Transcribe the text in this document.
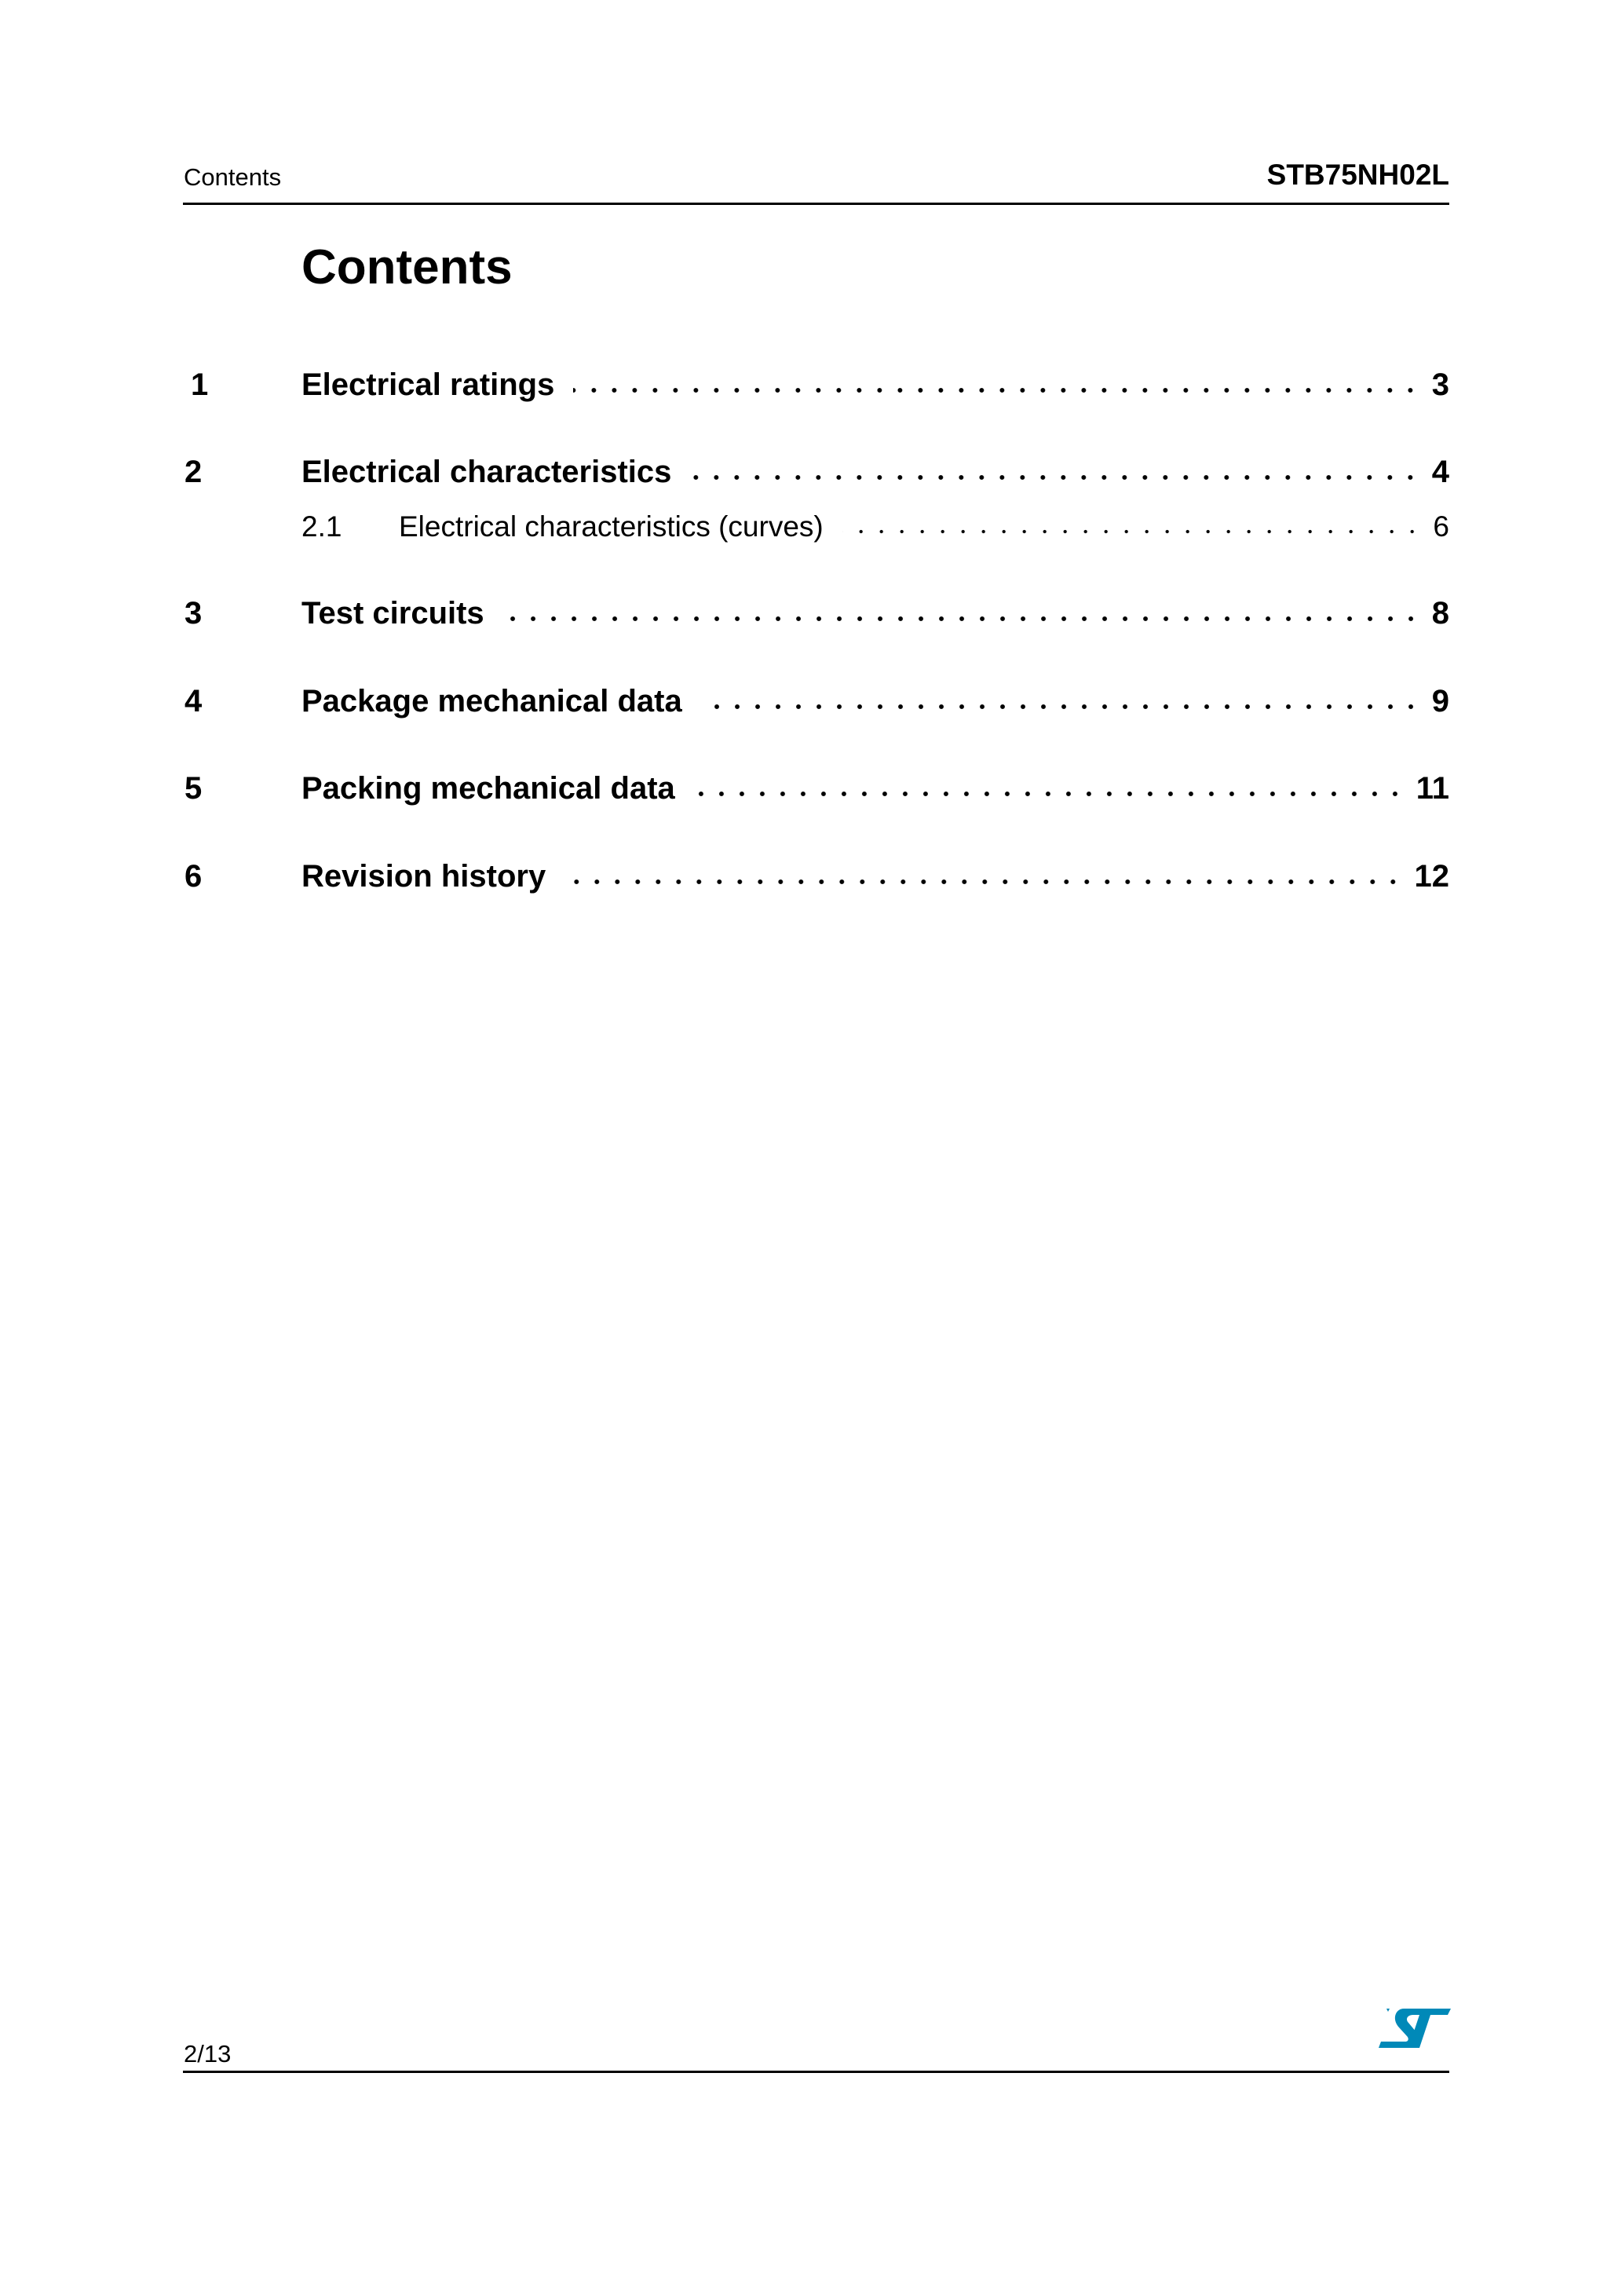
Contents	STB75NH02L
Contents
1	Electrical ratings	3
2	Electrical characteristics	4
2.1	Electrical characteristics (curves)	6
3	Test circuits	8
4	Package mechanical data	9
5	Packing mechanical data	11
6	Revision history	12
2/13
